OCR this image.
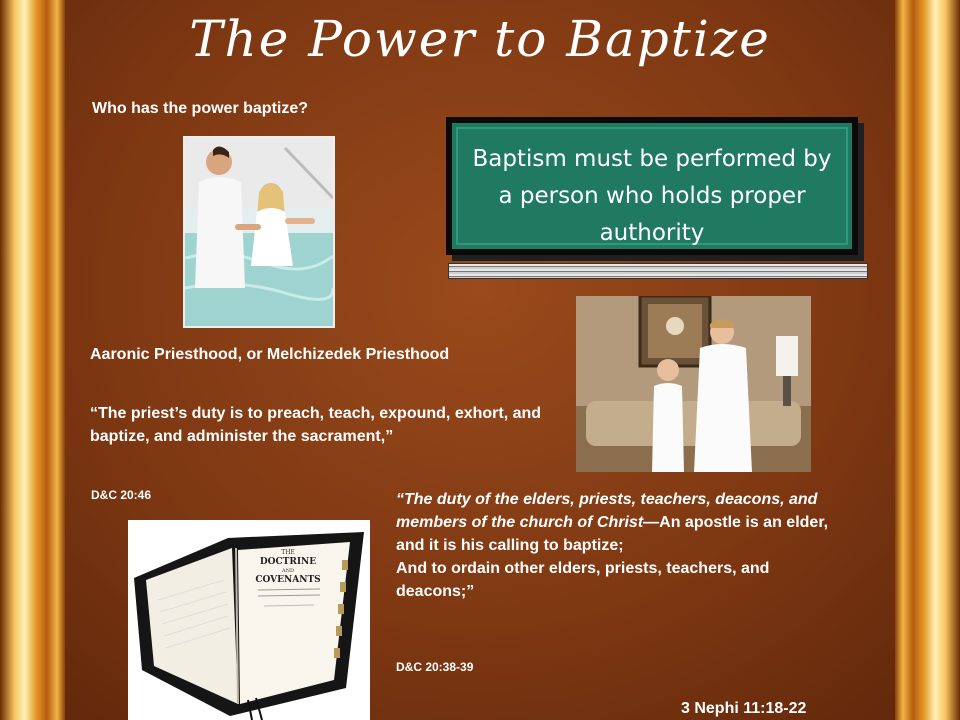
The Power to Baptize
Who has the power baptize?
Baptism must be performed by a person who holds proper authority
Aaronic Priesthood, or Melchizedek Priesthood
“The priest’s duty is to preach, teach, expound, exhort, and baptize, and administer the sacrament,”
D&C 20:46
THE
DOCTRINE
AND
COVENANTS
“The duty of the elders, priests, teachers, deacons, and members of the church of Christ—An apostle is an elder, and it is his calling to baptize;
And to ordain other elders, priests, teachers, and deacons;”
D&C 20:38-39
3 Nephi 11:18-22
